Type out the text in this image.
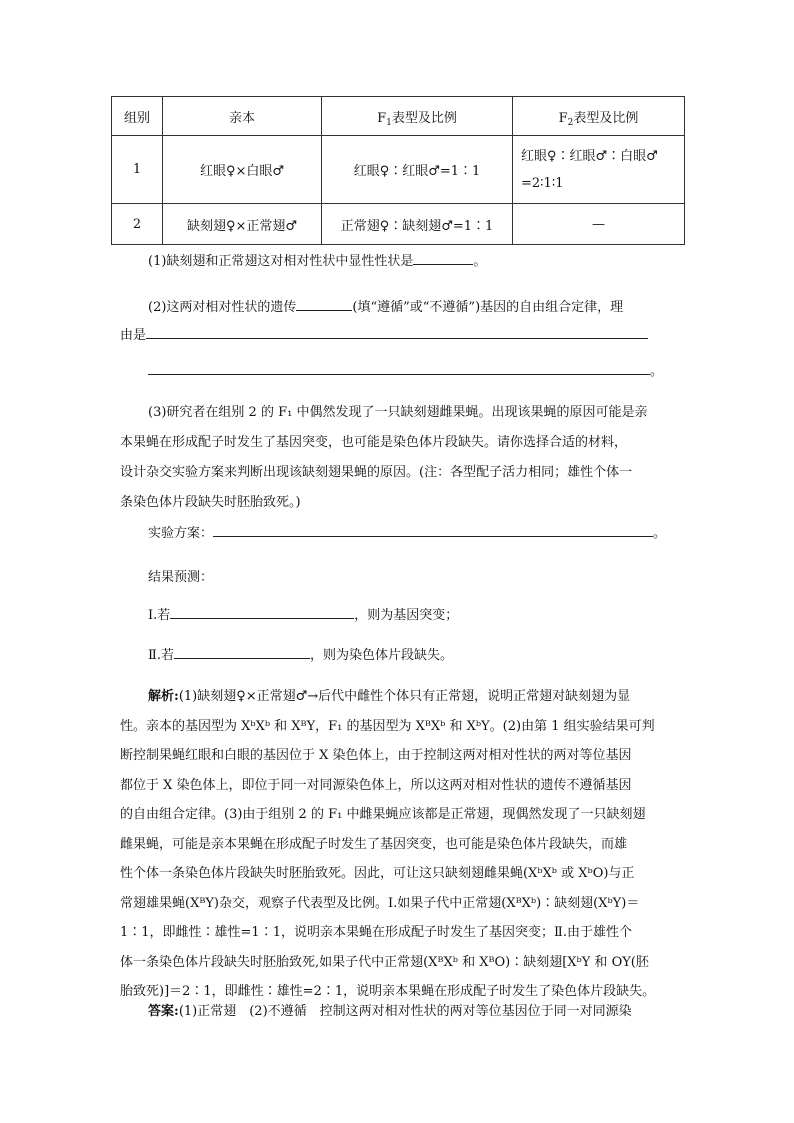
组别	亲本	$F_1$表型及比例	$F_2$表型及比例
1	红眼♀×白眼♂	红眼♀∶红眼♂=1∶1	红眼♀∶红眼♂∶白眼♂
=2∶1∶1

2	缺刻翅♀×正常翅♂	正常翅♀∶缺刻翅♂=1∶1	—
(1)缺刻翅和正常翅这对相对性状中显性性状是	。
(2)这两对相对性状的遗传	(填“遵循”或“不遵循”)基因的自由组合定律，理
由是
。
(3)研究者在组别 2 的 F₁ 中偶然发现了一只缺刻翅雌果蝇。出现该果蝇的原因可能是亲
本果蝇在形成配子时发生了基因突变，也可能是染色体片段缺失。请你选择合适的材料，
设计杂交实验方案来判断出现该缺刻翅果蝇的原因。(注：各型配子活力相同；雄性个体一
条染色体片段缺失时胚胎致死。)
实验方案：	。
结果预测：
Ⅰ.若	，则为基因突变；
Ⅱ.若	，则为染色体片段缺失。
解析:(1)缺刻翅♀×正常翅♂→后代中雌性个体只有正常翅，说明正常翅对缺刻翅为显
性。亲本的基因型为 XᵇXᵇ 和 XᴮY，F₁ 的基因型为 XᴮXᵇ 和 XᵇY。(2)由第 1 组实验结果可判
断控制果蝇红眼和白眼的基因位于 X 染色体上，由于控制这两对相对性状的两对等位基因
都位于 X 染色体上，即位于同一对同源染色体上，所以这两对相对性状的遗传不遵循基因
的自由组合定律。(3)由于组别 2 的 F₁ 中雌果蝇应该都是正常翅，现偶然发现了一只缺刻翅
雌果蝇，可能是亲本果蝇在形成配子时发生了基因突变，也可能是染色体片段缺失，而雄
性个体一条染色体片段缺失时胚胎致死。因此，可让这只缺刻翅雌果蝇(XᵇXᵇ 或 XᵇO)与正
常翅雄果蝇(XᴮY)杂交，观察子代表型及比例。Ⅰ.如果子代中正常翅(XᴮXᵇ)∶缺刻翅(XᵇY)＝
1∶1，即雌性∶雄性=1∶1，说明亲本果蝇在形成配子时发生了基因突变；Ⅱ.由于雄性个
体一条染色体片段缺失时胚胎致死,如果子代中正常翅(XᴮXᵇ 和 XᴮO)∶缺刻翅[XᵇY 和 OY(胚
胎致死)]＝2∶1，即雌性∶雄性=2∶1，说明亲本果蝇在形成配子时发生了染色体片段缺失。
答案:(1)正常翅　(2)不遵循　控制这两对相对性状的两对等位基因位于同一对同源染
